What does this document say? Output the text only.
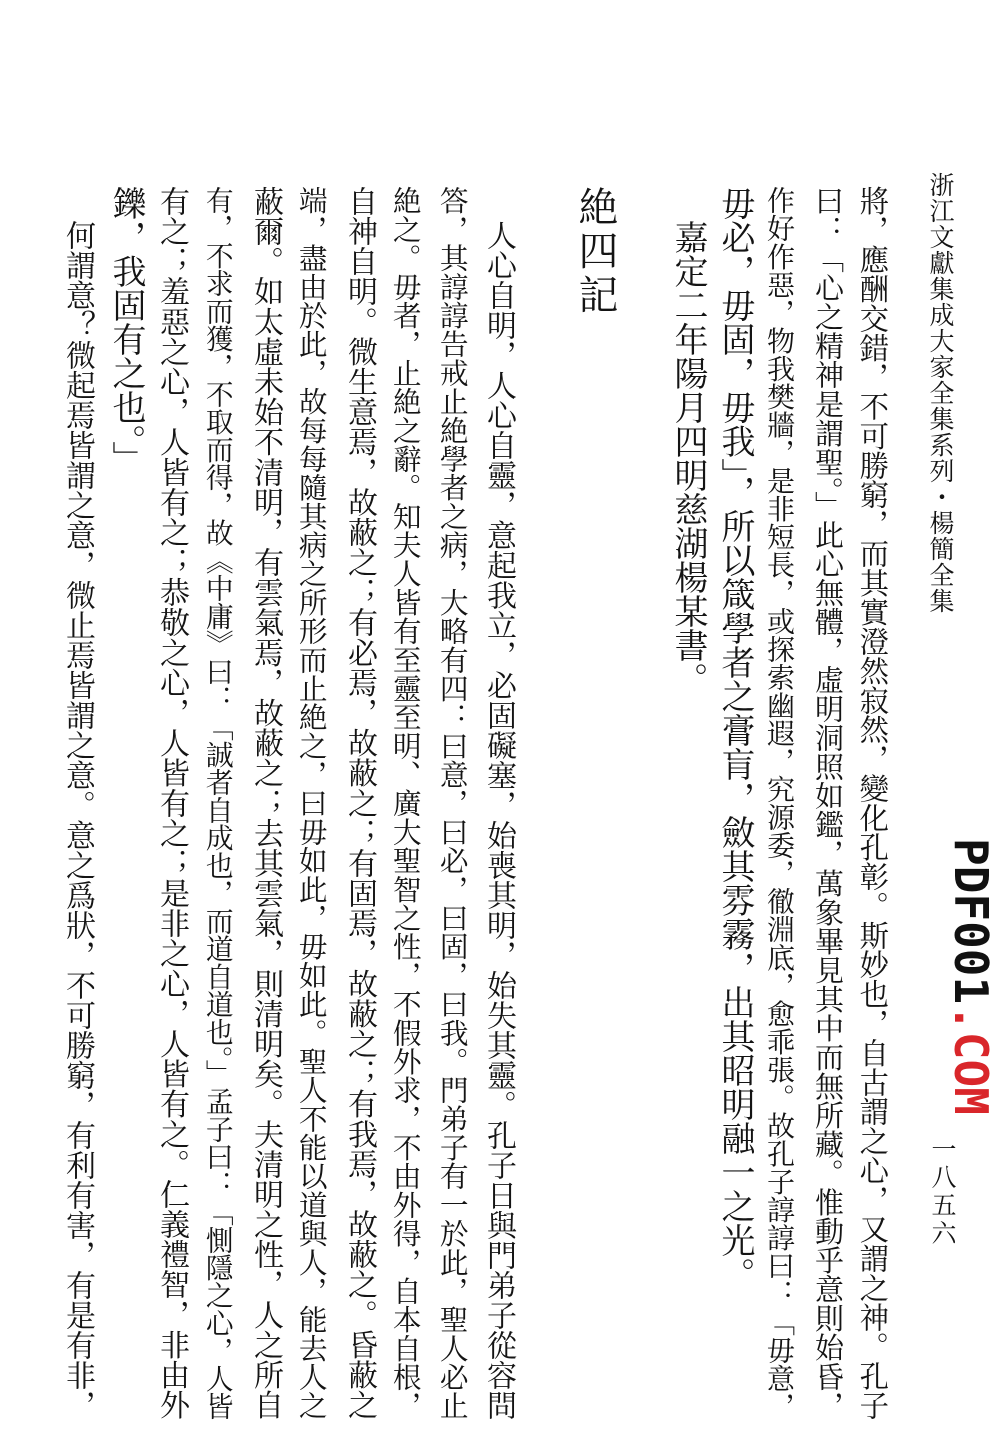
浙江文獻集成大家全集系列・楊簡全集
一八五六
PDF001.COM
將，應酬交錯，不可勝窮，而其實澄然寂然，變化孔彰。斯妙也，自古謂之心，又謂之神。孔子
曰：「心之精神是謂聖。」此心無體，虛明洞照如鑑，萬象畢見其中而無所藏。惟動乎意則始昏，
作好作惡，物我樊牆，是非短長，或探索幽遐，究源委，徹淵底，愈乖張。故孔子諄諄曰：「毋意，
毋必，毋固，毋我」，所以箴學者之膏肓，斂其雰霧，出其昭明融一之光。
嘉定二年陽月四明慈湖楊某書。
絶四記
人心自明，人心自靈，意起我立，必固礙塞，始喪其明，始失其靈。孔子日與門弟子從容問
答，其諄諄告戒止絶學者之病，大略有四：曰意，曰必，曰固，曰我。門弟子有一於此，聖人必止
絶之。毋者，止絶之辭。知夫人皆有至靈至明、廣大聖智之性，不假外求，不由外得，自本自根，
自神自明。微生意焉，故蔽之；有必焉，故蔽之；有固焉，故蔽之；有我焉，故蔽之。昏蔽之
端，盡由於此，故每每隨其病之所形而止絶之，曰毋如此，毋如此。聖人不能以道與人，能去人之
蔽爾。如太虛未始不清明，有雲氣焉，故蔽之；去其雲氣，則清明矣。夫清明之性，人之所自
有，不求而獲，不取而得，故《中庸》曰：「誠者自成也，而道自道也。」孟子曰：「惻隱之心，人皆
有之；羞惡之心，人皆有之；恭敬之心，人皆有之；是非之心，人皆有之。仁義禮智，非由外
鑠，我固有之也。」
何謂意？微起焉皆謂之意，微止焉皆謂之意。意之爲狀，不可勝窮，有利有害，有是有非，
